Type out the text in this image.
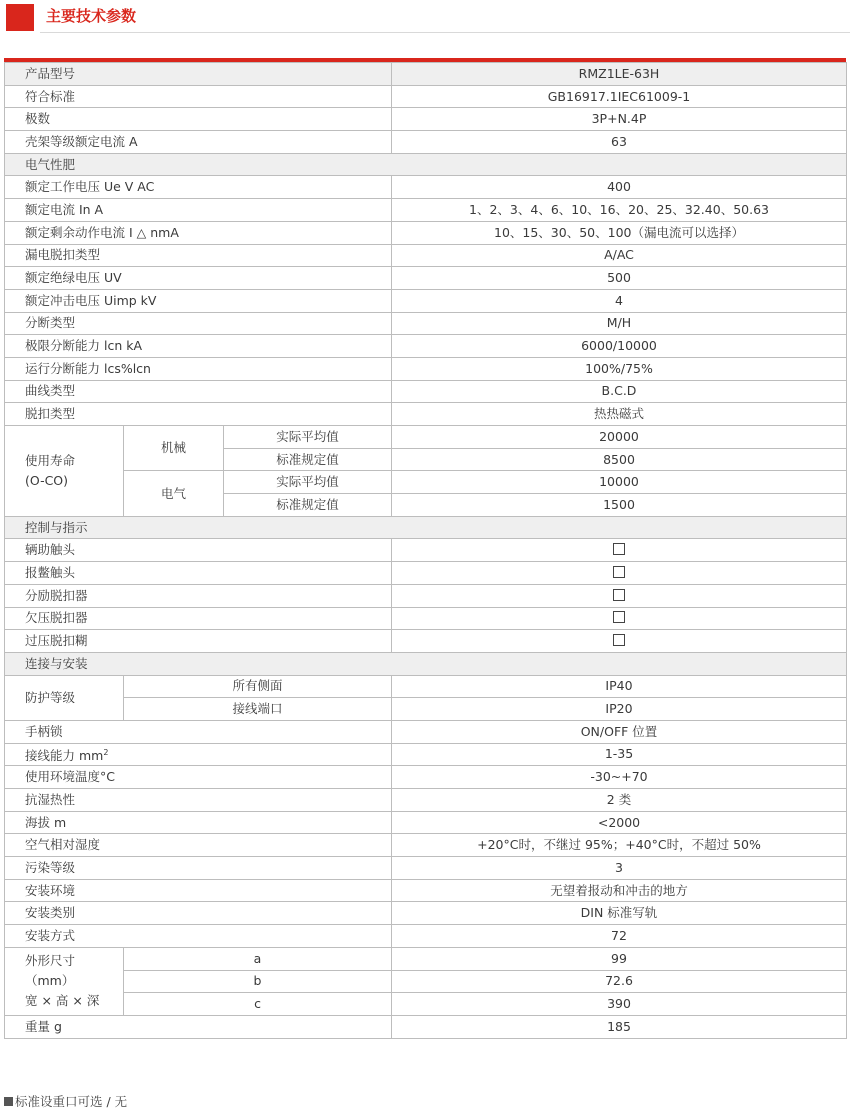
主要技术参数
产品型号			RMZ1LE-63H
符合标准			GB16917.1IEC61009-1
极数			3P+N.4P
壳架等级额定电流 A			63
电气性肥			
额定工作电压 Ue V AC			400
额定电流 In A			1、2、3、4、6、10、16、20、25、32.40、50.63
额定剩余动作电流 I △ nmA			10、15、30、50、100（漏电流可以选择）
漏电脱扣类型			A/AC
额定绝绿电压 UV			500
额定冲击电压 Uimp kV			4
分断类型			M/H
极限分断能力 lcn kA			6000/10000
运行分断能力 lcs%lcn			100%/75%
曲线类型			B.C.D
脱扣类型			热热磁式

使用寿命
(O-CO)	机械	实际平均值	20000
		标准规定值	8500
	电气	实际平均值	10000
		标准规定值	1500
控制与指示			
辆助触头			
报鳖触头			
分励脱扣器			
欠压脱扣器			
过压脱扣糊			
连接与安装			
防护等级	所有侧面		IP40
	接线端口		IP20
手柄锁			ON/OFF 位置
接线能力 $mm^2$			1-35
使用环境温度°C			-30~+70
抗湿热性			2 类
海拔 m			<2000
空气相对湿度			+20°C时，不继过 95%；+40°C时，不超过 50%
污染等级			3
安装环境			无望着报动和冲击的地方
安装类别			DIN 标准写轨
安装方式			72

外形尺寸
（mm）
宽 × 高 × 深	a		99
	b		72.6
	c		390
重量 g			185
标准设重口可选 / 无
